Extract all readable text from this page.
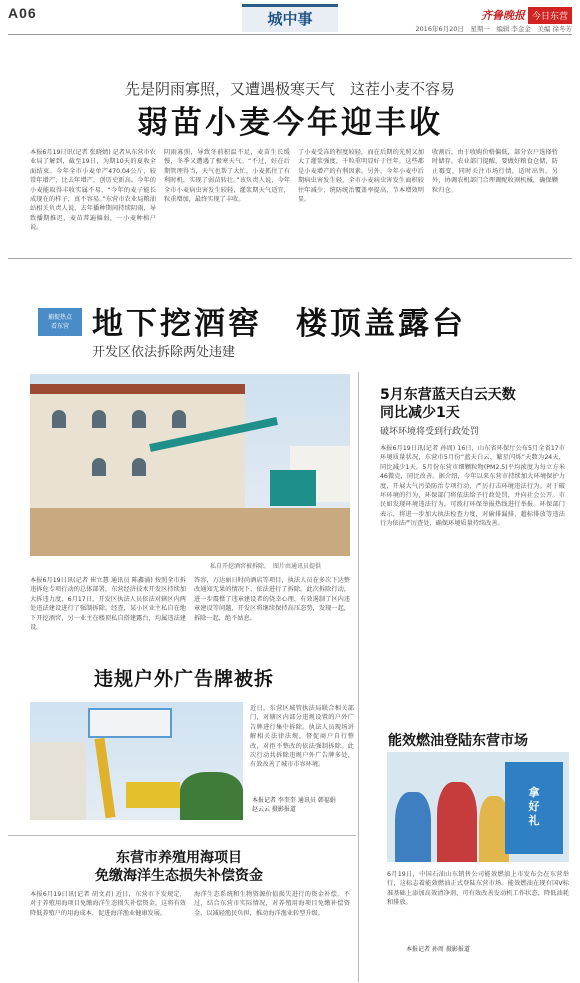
A06	城中事	齐鲁晚报 今日东营
2016年6月20日　星期一　编辑 李金金　美编 徐冬芳
先是阴雨寡照，又遭遇极寒天气　这茬小麦不容易
弱苗小麦今年迎丰收
本报6月19日讯(记者 张晓婧) 记者从东营市农业局了解到，截至19日，为期10天的夏收全面结束。今年全市小麦单产470.04公斤，较常年增产，比去年增产，创历史新高。今年的小麦能取得丰收实属不易，“今年的麦子能长成现在的样子，真不容易。”东营市农业局粮油站相关负责人说，去年播种期间持续阴雨，导致播期推迟，麦苗普遍偏弱，一小麦种植户说。
阴雨寡照，导致冬前积温不足，麦苗生长缓慢，冬季又遭遇了极寒天气。“不过，好在后期管理得当，天气也帮了大忙，小麦抓住了有利时机，实现了弱苗转壮。”该负责人说，今年全市小麦病虫害发生较轻，灌浆期天气适宜，粒重增加，最终实现了丰收。
了小麦受冻的程度较轻，而在后期的光照又加大了灌浆强度，千粒重明显好于往年。这些都是小麦增产的有利因素。另外，今年小麦中后期病虫害发生轻，全市小麦病虫害发生面积较往年减少，统防统治覆盖率提高，节本增效明显。
收割后，由于收购价格偏低，部分农户选择暂时储存。农业部门提醒，要做好粮食仓储，防止霉变，同时关注市场行情，适时出售。另外，协调农机部门合理调配收割机械，确保颗粒归仓。
捕捉热点
看东营 地下挖酒窖　楼顶盖露台
开发区依法拆除两处违建
私自开挖酒窖被拆除。　图片由通讯员提供
本报6月19日讯(记者 崔立慧 通讯员 陈鑫涌) 按照全市拆违拆危专项行动的总体部署，东营经济技术开发区持续加大拆违力度，6月17日，开发区执法人员依法对辖区内两处违法建设进行了强制拆除。经查，某小区业主私自在地下开挖酒窖，另一业主在楼顶私自搭建露台，均属违法建设。
答容，万达丽日时尚酒店等项目，执法人员在多次下达整改通知无果的情况下，依法进行了拆除。此次拆除行动，进一步震慑了违章建设者的侥幸心理，有效遏制了区内违章建设等问题，开发区将继续保持高压态势，发现一起，拆除一起，绝不姑息。
5月东营蓝天白云天数
同比减少1天
破坏环境将受到行政处罚
本报6月19日讯(记者 孙周) 16日，山东省环保厅公布5月全省17市环境质量状况，东营市5月份“蓝天白云、繁星闪烁”天数为24天，同比减少1天。5月份东营市细颗粒物(PM2.5)平均浓度为每立方米46微克，同比改善。据介绍，今年以来东营市持续加大环境保护力度，开展大气污染防治专项行动，严厉打击环境违法行为。对于破坏环境的行为，环保部门将依法给予行政处罚，并向社会公开。市民如发现环境违法行为，可拨打环保举报热线进行举报。环保部门表示，将进一步加大执法检查力度，对偷排漏排、超标排放等违法行为依法严厉查处，确保环境质量持续改善。
能效燃油登陆东营市场
拿
好
礼
6月19日，中国石油山东销售公司能效燃油上市发布会在东营举行，这标志着能效燃油正式登陆东营市场。能效燃油在现有国V标准基础上添加高效清净剂，可有效改善发动机工作状态，降低油耗和排放。
本报记者 孙周 摄影报道
违规户外广告牌被拆
近日，东营区城管执法局联合相关部门，对辖区内部分违规设置的户外广告牌进行集中拆除。执法人员现场讲解相关法律法规，督促商户自行整改，对拒不整改的依法强制拆除。此次行动共拆除违规户外广告牌多处，有效改善了城市市容环境。
本报记者 李奎奎 通讯员 韩福娟
赵云云 摄影报道
东营市养殖用海项目
免缴海洋生态损失补偿资金
本报6月19日讯(记者 胡文君) 近日，东营市下发规定，对于养殖用海项目免缴海洋生态损失补偿资金，这将有效降低养殖户的用海成本，促进海洋渔业健康发展。
海洋生态系统和生物资源价值损失进行的资金补偿。不过，结合东营市实际情况，对养殖用海项目免缴补偿资金，以减轻渔民负担，推动海洋渔业转型升级。
